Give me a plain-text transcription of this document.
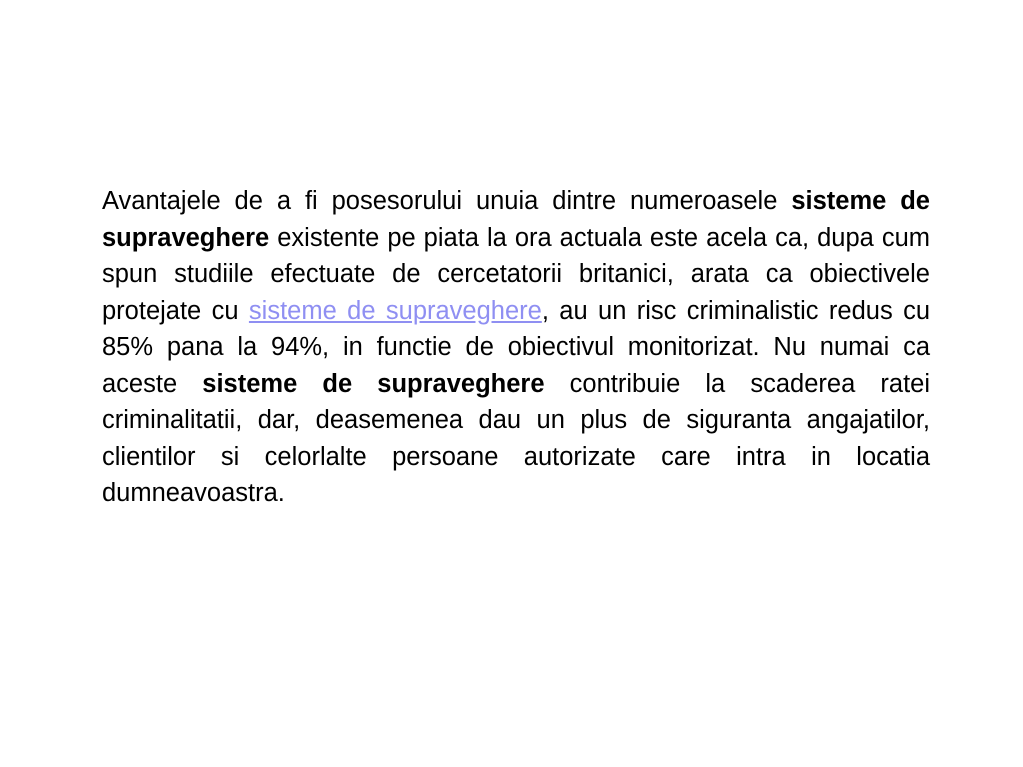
Avantajele de a fi posesorului unuia dintre numeroasele sisteme de supraveghere existente pe piata la ora actuala este acela ca, dupa cum spun studiile efectuate de cercetatorii britanici, arata ca obiectivele protejate cu sisteme de supraveghere, au un risc criminalistic redus cu 85% pana la 94%, in functie de obiectivul monitorizat. Nu numai ca aceste sisteme de supraveghere contribuie la scaderea ratei criminalitatii, dar, deasemenea dau un plus de siguranta angajatilor, clientilor si celorlalte persoane autorizate care intra in locatia dumneavoastra.
